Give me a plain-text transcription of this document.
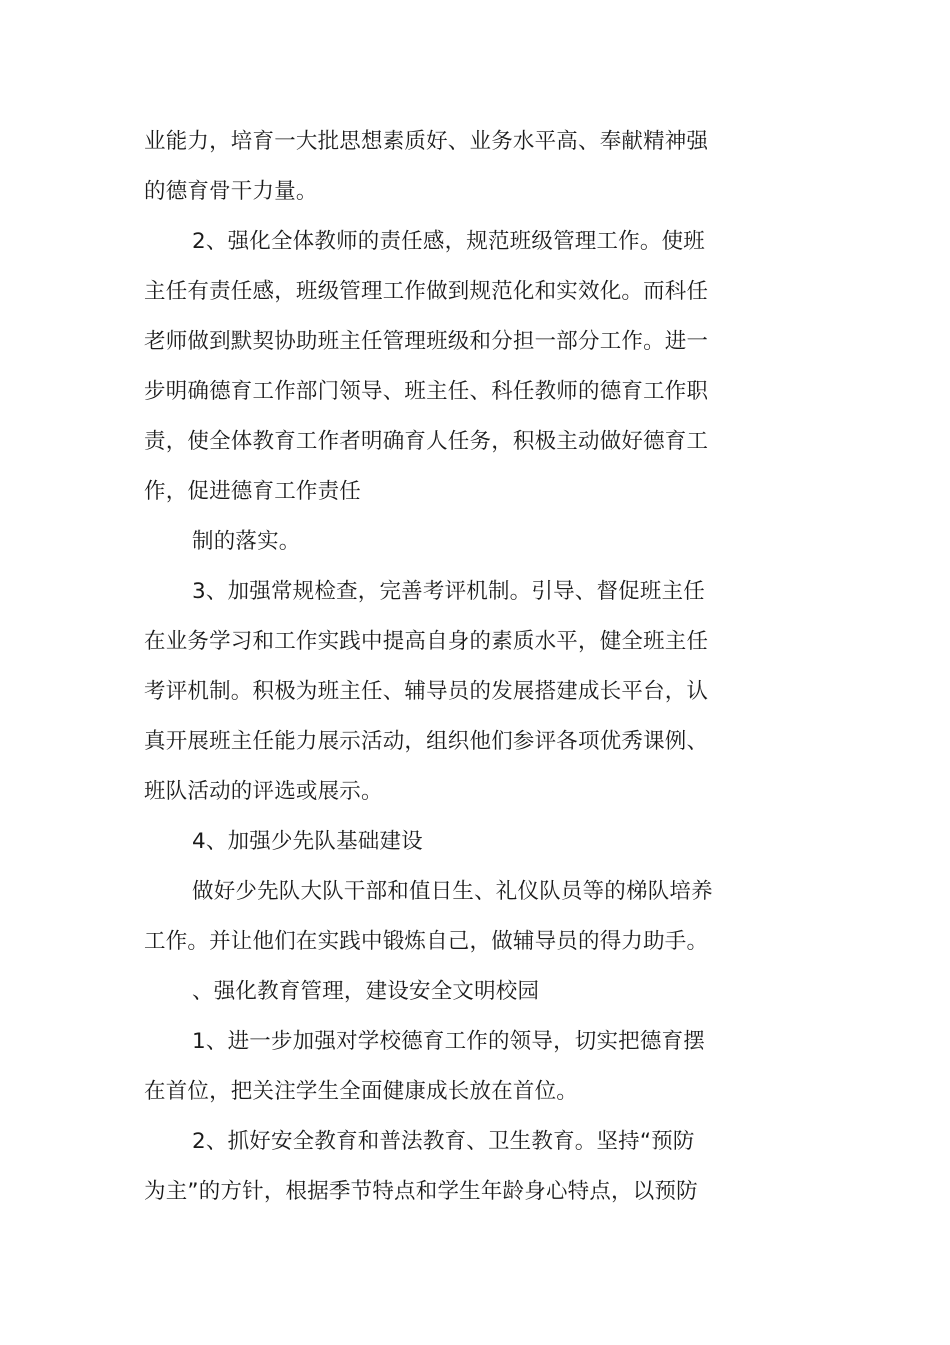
业能力，培育一大批思想素质好、业务水平高、奉献精神强
的德育骨干力量。
2、强化全体教师的责任感，规范班级管理工作。使班
主任有责任感，班级管理工作做到规范化和实效化。而科任
老师做到默契协助班主任管理班级和分担一部分工作。进一
步明确德育工作部门领导、班主任、科任教师的德育工作职
责，使全体教育工作者明确育人任务，积极主动做好德育工
作，促进德育工作责任
制的落实。
3、加强常规检查，完善考评机制。引导、督促班主任
在业务学习和工作实践中提高自身的素质水平，健全班主任
考评机制。积极为班主任、辅导员的发展搭建成长平台，认
真开展班主任能力展示活动，组织他们参评各项优秀课例、
班队活动的评选或展示。
4、加强少先队基础建设
做好少先队大队干部和值日生、礼仪队员等的梯队培养
工作。并让他们在实践中锻炼自己，做辅导员的得力助手。
、强化教育管理，建设安全文明校园
1、进一步加强对学校德育工作的领导，切实把德育摆
在首位，把关注学生全面健康成长放在首位。
2、抓好安全教育和普法教育、卫生教育。坚持“预防
为主”的方针，根据季节特点和学生年龄身心特点，以预防
